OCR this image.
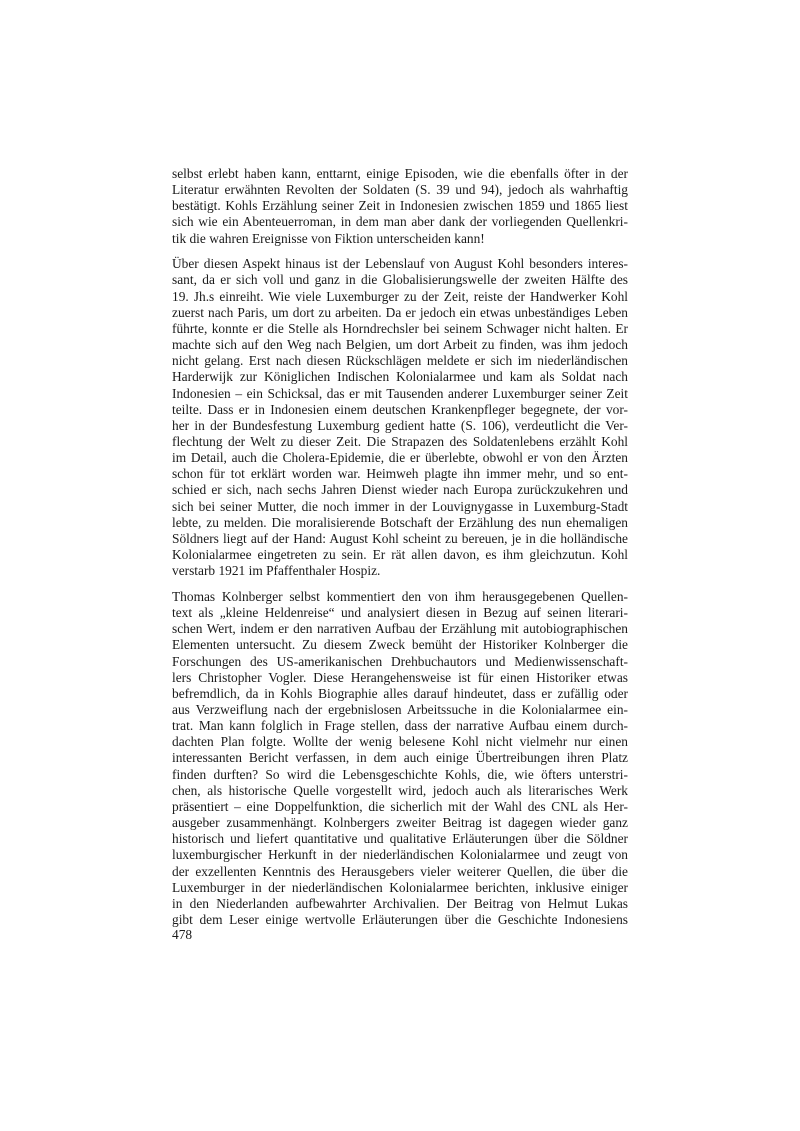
selbst erlebt haben kann, enttarnt, einige Episoden, wie die ebenfalls öfter in der
Literatur erwähnten Revolten der Soldaten (S. 39 und 94), jedoch als wahrhaftig
bestätigt. Kohls Erzählung seiner Zeit in Indonesien zwischen 1859 und 1865 liest
sich wie ein Abenteuerroman, in dem man aber dank der vorliegenden Quellenkri-
tik die wahren Ereignisse von Fiktion unterscheiden kann!

Über diesen Aspekt hinaus ist der Lebenslauf von August Kohl besonders interes-
sant, da er sich voll und ganz in die Globalisierungswelle der zweiten Hälfte des
19. Jh.s einreiht. Wie viele Luxemburger zu der Zeit, reiste der Handwerker Kohl
zuerst nach Paris, um dort zu arbeiten. Da er jedoch ein etwas unbeständiges Leben
führte, konnte er die Stelle als Horndrechsler bei seinem Schwager nicht halten. Er
machte sich auf den Weg nach Belgien, um dort Arbeit zu finden, was ihm jedoch
nicht gelang. Erst nach diesen Rückschlägen meldete er sich im niederländischen
Harderwijk zur Königlichen Indischen Kolonialarmee und kam als Soldat nach
Indonesien – ein Schicksal, das er mit Tausenden anderer Luxemburger seiner Zeit
teilte. Dass er in Indonesien einem deutschen Krankenpfleger begegnete, der vor-
her in der Bundesfestung Luxemburg gedient hatte (S. 106), verdeutlicht die Ver-
flechtung der Welt zu dieser Zeit. Die Strapazen des Soldatenlebens erzählt Kohl
im Detail, auch die Cholera-Epidemie, die er überlebte, obwohl er von den Ärzten
schon für tot erklärt worden war. Heimweh plagte ihn immer mehr, und so ent-
schied er sich, nach sechs Jahren Dienst wieder nach Europa zurückzukehren und
sich bei seiner Mutter, die noch immer in der Louvignygasse in Luxemburg-Stadt
lebte, zu melden. Die moralisierende Botschaft der Erzählung des nun ehemaligen
Söldners liegt auf der Hand: August Kohl scheint zu bereuen, je in die holländische
Kolonialarmee eingetreten zu sein. Er rät allen davon, es ihm gleichzutun. Kohl
verstarb 1921 im Pfaffenthaler Hospiz.

Thomas Kolnberger selbst kommentiert den von ihm herausgegebenen Quellen-
text als „kleine Heldenreise“ und analysiert diesen in Bezug auf seinen literari-
schen Wert, indem er den narrativen Aufbau der Erzählung mit autobiographischen
Elementen untersucht. Zu diesem Zweck bemüht der Historiker Kolnberger die
Forschungen des US-amerikanischen Drehbuchautors und Medienwissenschaft-
lers Christopher Vogler. Diese Herangehensweise ist für einen Historiker etwas
befremdlich, da in Kohls Biographie alles darauf hindeutet, dass er zufällig oder
aus Verzweiflung nach der ergebnislosen Arbeitssuche in die Kolonialarmee ein-
trat. Man kann folglich in Frage stellen, dass der narrative Aufbau einem durch-
dachten Plan folgte. Wollte der wenig belesene Kohl nicht vielmehr nur einen
interessanten Bericht verfassen, in dem auch einige Übertreibungen ihren Platz
finden durften? So wird die Lebensgeschichte Kohls, die, wie öfters unterstri-
chen, als historische Quelle vorgestellt wird, jedoch auch als literarisches Werk
präsentiert – eine Doppelfunktion, die sicherlich mit der Wahl des CNL als Her-
ausgeber zusammenhängt. Kolnbergers zweiter Beitrag ist dagegen wieder ganz
historisch und liefert quantitative und qualitative Erläuterungen über die Söldner
luxemburgischer Herkunft in der niederländischen Kolonialarmee und zeugt von
der exzellenten Kenntnis des Herausgebers vieler weiterer Quellen, die über die
Luxemburger in der niederländischen Kolonialarmee berichten, inklusive einiger
in den Niederlanden aufbewahrter Archivalien. Der Beitrag von Helmut Lukas
gibt dem Leser einige wertvolle Erläuterungen über die Geschichte Indonesiens

478
